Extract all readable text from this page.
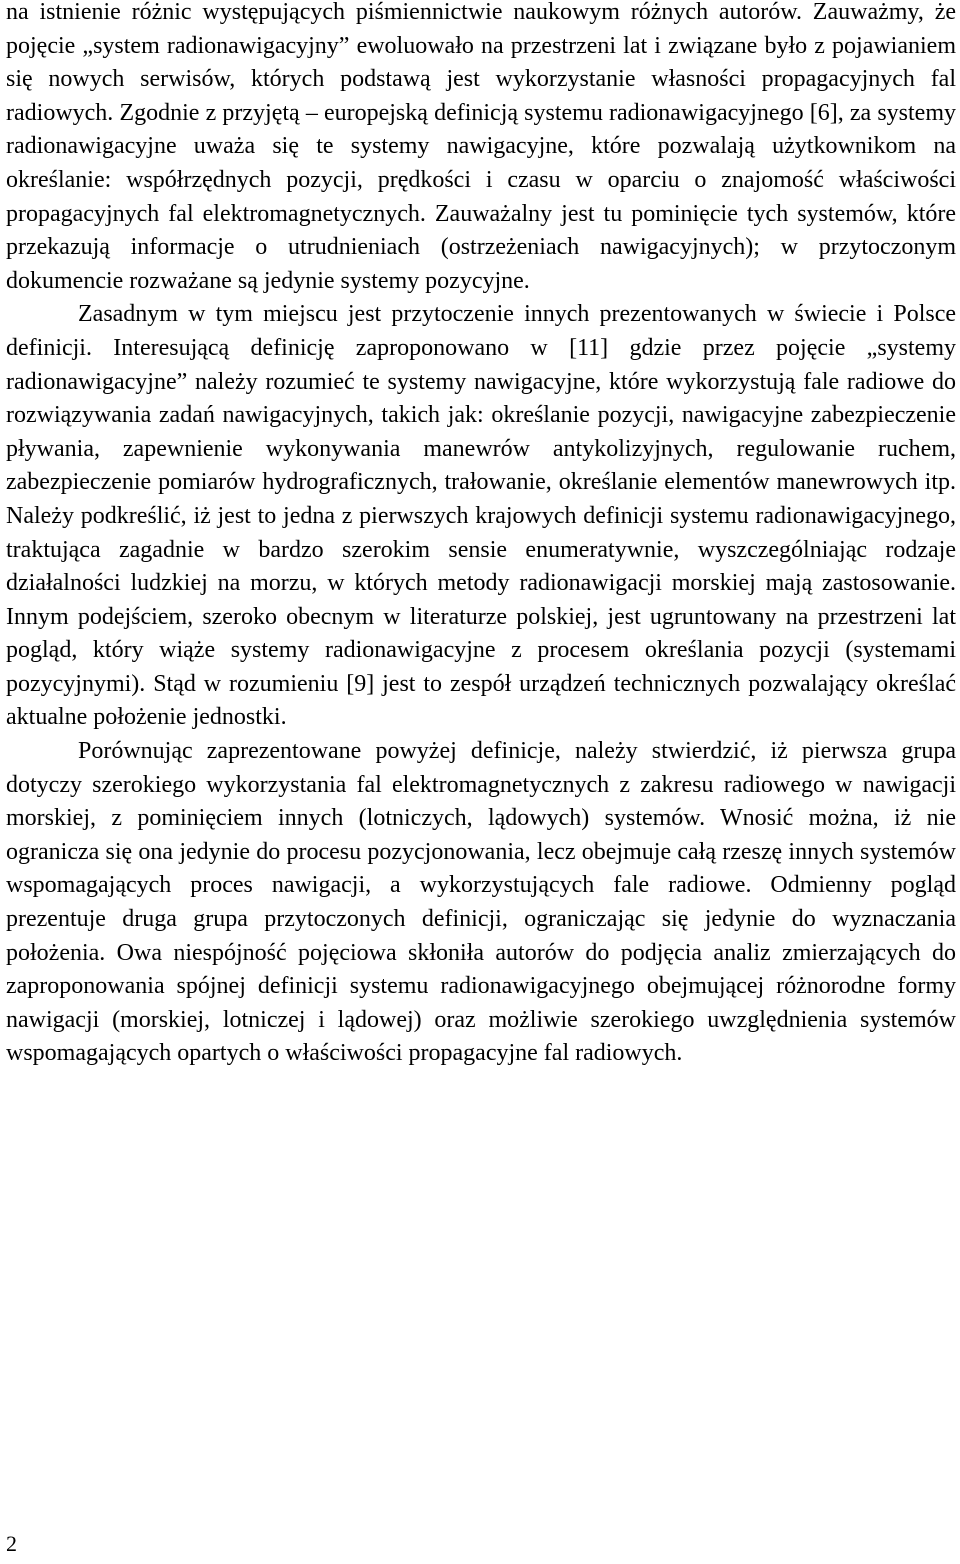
na istnienie różnic występujących piśmiennictwie naukowym różnych autorów. Zauważmy, że pojęcie „system radionawigacyjny” ewoluowało na przestrzeni lat i związane było z pojawianiem się nowych serwisów, których podstawą jest wykorzystanie własności propagacyjnych fal radiowych. Zgodnie z przyjętą – europejską definicją systemu radionawigacyjnego [6], za systemy radionawigacyjne uważa się te systemy nawigacyjne, które pozwalają użytkownikom na określanie: współrzędnych pozycji, prędkości i czasu w oparciu o znajomość właściwości propagacyjnych fal elektromagnetycznych. Zauważalny jest tu pominięcie tych systemów, które przekazują informacje o utrudnieniach (ostrzeżeniach nawigacyjnych); w przytoczonym dokumencie rozważane są jedynie systemy pozycyjne.

Zasadnym w tym miejscu jest przytoczenie innych prezentowanych w świecie i Polsce definicji. Interesującą definicję zaproponowano w [11] gdzie przez pojęcie „systemy radionawigacyjne” należy rozumieć te systemy nawigacyjne, które wykorzystują fale radiowe do rozwiązywania zadań nawigacyjnych, takich jak: określanie pozycji, nawigacyjne zabezpieczenie pływania, zapewnienie wykonywania manewrów antykolizyjnych, regulowanie ruchem, zabezpieczenie pomiarów hydrograficznych, trałowanie, określanie elementów manewrowych itp. Należy podkreślić, iż jest to jedna z pierwszych krajowych definicji systemu radionawigacyjnego, traktująca zagadnie w bardzo szerokim sensie enumeratywnie, wyszczególniając rodzaje działalności ludzkiej na morzu, w których metody radionawigacji morskiej mają zastosowanie. Innym podejściem, szeroko obecnym w literaturze polskiej, jest ugruntowany na przestrzeni lat pogląd, który wiąże systemy radionawigacyjne z procesem określania pozycji (systemami pozycyjnymi). Stąd w rozumieniu [9] jest to zespół urządzeń technicznych pozwalający określać aktualne położenie jednostki.

Porównując zaprezentowane powyżej definicje, należy stwierdzić, iż pierwsza grupa dotyczy szerokiego wykorzystania fal elektromagnetycznych z zakresu radiowego w nawigacji morskiej, z pominięciem innych (lotniczych, lądowych) systemów. Wnosić można, iż nie ogranicza się ona jedynie do procesu pozycjonowania, lecz obejmuje całą rzeszę innych systemów wspomagających proces nawigacji, a wykorzystujących fale radiowe. Odmienny pogląd prezentuje druga grupa przytoczonych definicji, ograniczając się jedynie do wyznaczania położenia. Owa niespójność pojęciowa skłoniła autorów do podjęcia analiz zmierzających do zaproponowania spójnej definicji systemu radionawigacyjnego obejmującej różnorodne formy nawigacji (morskiej, lotniczej i lądowej) oraz możliwie szerokiego uwzględnienia systemów wspomagających opartych o właściwości propagacyjne fal radiowych.

2
